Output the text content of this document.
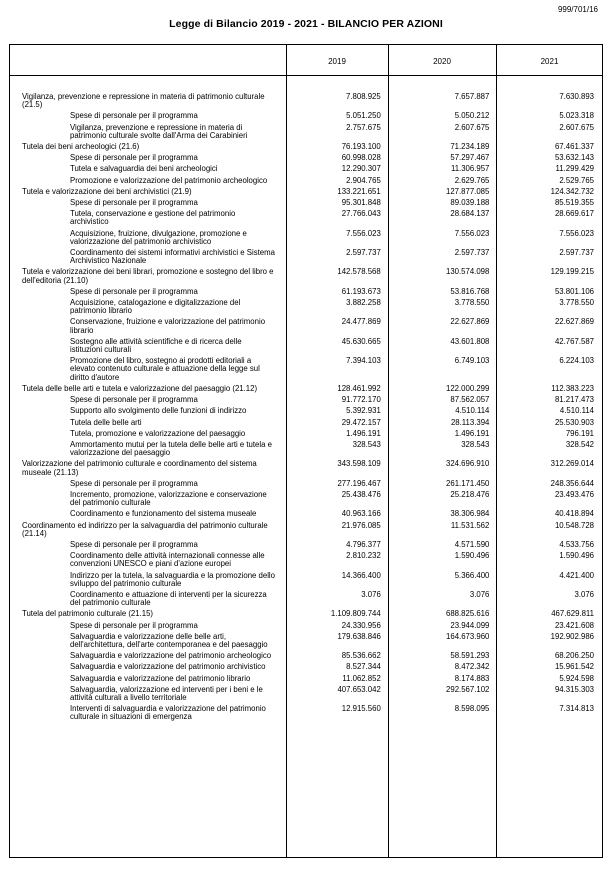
999/701/16
Legge di Bilancio 2019 - 2021 - BILANCIO PER AZIONI
2019	2020	2021
Vigilanza, prevenzione e repressione in materia di patrimonio culturale (21.5)
7.808.925	7.657.887	7.630.893
Spese di personale per il programma	5.051.250	5.050.212	5.023.318
Vigilanza, prevenzione e repressione in materia di patrimonio culturale svolte dall'Arma dei Carabinieri
2.757.675	2.607.675	2.607.675
Tutela dei beni archeologici (21.6)	76.193.100	71.234.189	67.461.337
Spese di personale per il programma	60.998.028	57.297.467	53.632.143
Tutela e salvaguardia dei beni archeologici	12.290.307	11.306.957	11.299.429
Promozione e valorizzazione del patrimonio archeologico	2.904.765	2.629.765	2.529.765
Tutela e valorizzazione dei beni archivistici (21.9)	133.221.651	127.877.085	124.342.732
Spese di personale per il programma	95.301.848	89.039.188	85.519.355
Tutela, conservazione e gestione del patrimonio archivistico
27.766.043	28.684.137	28.669.617
Acquisizione, fruizione, divulgazione, promozione e valorizzazione del patrimonio archivistico
7.556.023	7.556.023	7.556.023
Coordinamento dei sistemi informativi archivistici e Sistema Archivistico Nazionale
2.597.737	2.597.737	2.597.737
Tutela e valorizzazione dei beni librari, promozione e sostegno del libro e dell'editoria (21.10)
142.578.568	130.574.098	129.199.215
Spese di personale per il programma	61.193.673	53.816.768	53.801.106
Acquisizione, catalogazione e digitalizzazione del patrimonio librario
3.882.258	3.778.550	3.778.550
Conservazione, fruizione e valorizzazione del patrimonio librario
24.477.869	22.627.869	22.627.869
Sostegno alle attività scientifiche e di ricerca delle istituzioni culturali
45.630.665	43.601.808	42.767.587
Promozione del libro, sostegno ai prodotti editoriali a elevato contenuto culturale e attuazione della legge sul diritto d'autore
7.394.103	6.749.103	6.224.103
Tutela delle belle arti e tutela e valorizzazione del paesaggio (21.12)	128.461.992	122.000.299	112.383.223
Spese di personale per il programma	91.772.170	87.562.057	81.217.473
Supporto allo svolgimento delle funzioni di indirizzo	5.392.931	4.510.114	4.510.114
Tutela delle belle arti	29.472.157	28.113.394	25.530.903
Tutela, promozione e valorizzazione del paesaggio	1.496.191	1.496.191	796.191
Ammortamento mutui per la tutela delle belle arti e tutela e valorizzazione del paesaggio
328.543	328.543	328.542
Valorizzazione del patrimonio culturale e coordinamento del sistema museale (21.13)
343.598.109	324.696.910	312.269.014
Spese di personale per il programma	277.196.467	261.171.450	248.356.644
Incremento, promozione, valorizzazione e conservazione del patrimonio culturale
25.438.476	25.218.476	23.493.476
Coordinamento e funzionamento del sistema museale	40.963.166	38.306.984	40.418.894
Coordinamento ed indirizzo per la salvaguardia del patrimonio culturale (21.14)
21.976.085	11.531.562	10.548.728
Spese di personale per il programma	4.796.377	4.571.590	4.533.756
Coordinamento delle attività internazionali connesse alle convenzioni UNESCO e piani d'azione europei
2.810.232	1.590.496	1.590.496
Indirizzo per la tutela, la salvaguardia e la promozione dello sviluppo del patrimonio culturale
14.366.400	5.366.400	4.421.400
Coordinamento e attuazione di interventi per la sicurezza del patrimonio culturale
3.076	3.076	3.076
Tutela del patrimonio culturale (21.15)	1.109.809.744	688.825.616	467.629.811
Spese di personale per il programma	24.330.956	23.944.099	23.421.608
Salvaguardia e valorizzazione delle belle arti, dell'architettura, dell'arte contemporanea e del paesaggio
179.638.846	164.673.960	192.902.986
Salvaguardia e valorizzazione del patrimonio archeologico	85.536.662	58.591.293	68.206.250
Salvaguardia e valorizzazione del patrimonio archivistico	8.527.344	8.472.342	15.961.542
Salvaguardia e valorizzazione del patrimonio librario	11.062.852	8.174.883	5.924.598
Salvaguardia, valorizzazione ed interventi per i beni e le attività culturali a livello territoriale
407.653.042	292.567.102	94.315.303
Interventi di salvaguardia e valorizzazione del patrimonio culturale in situazioni di emergenza
12.915.560	8.598.095	7.314.813
